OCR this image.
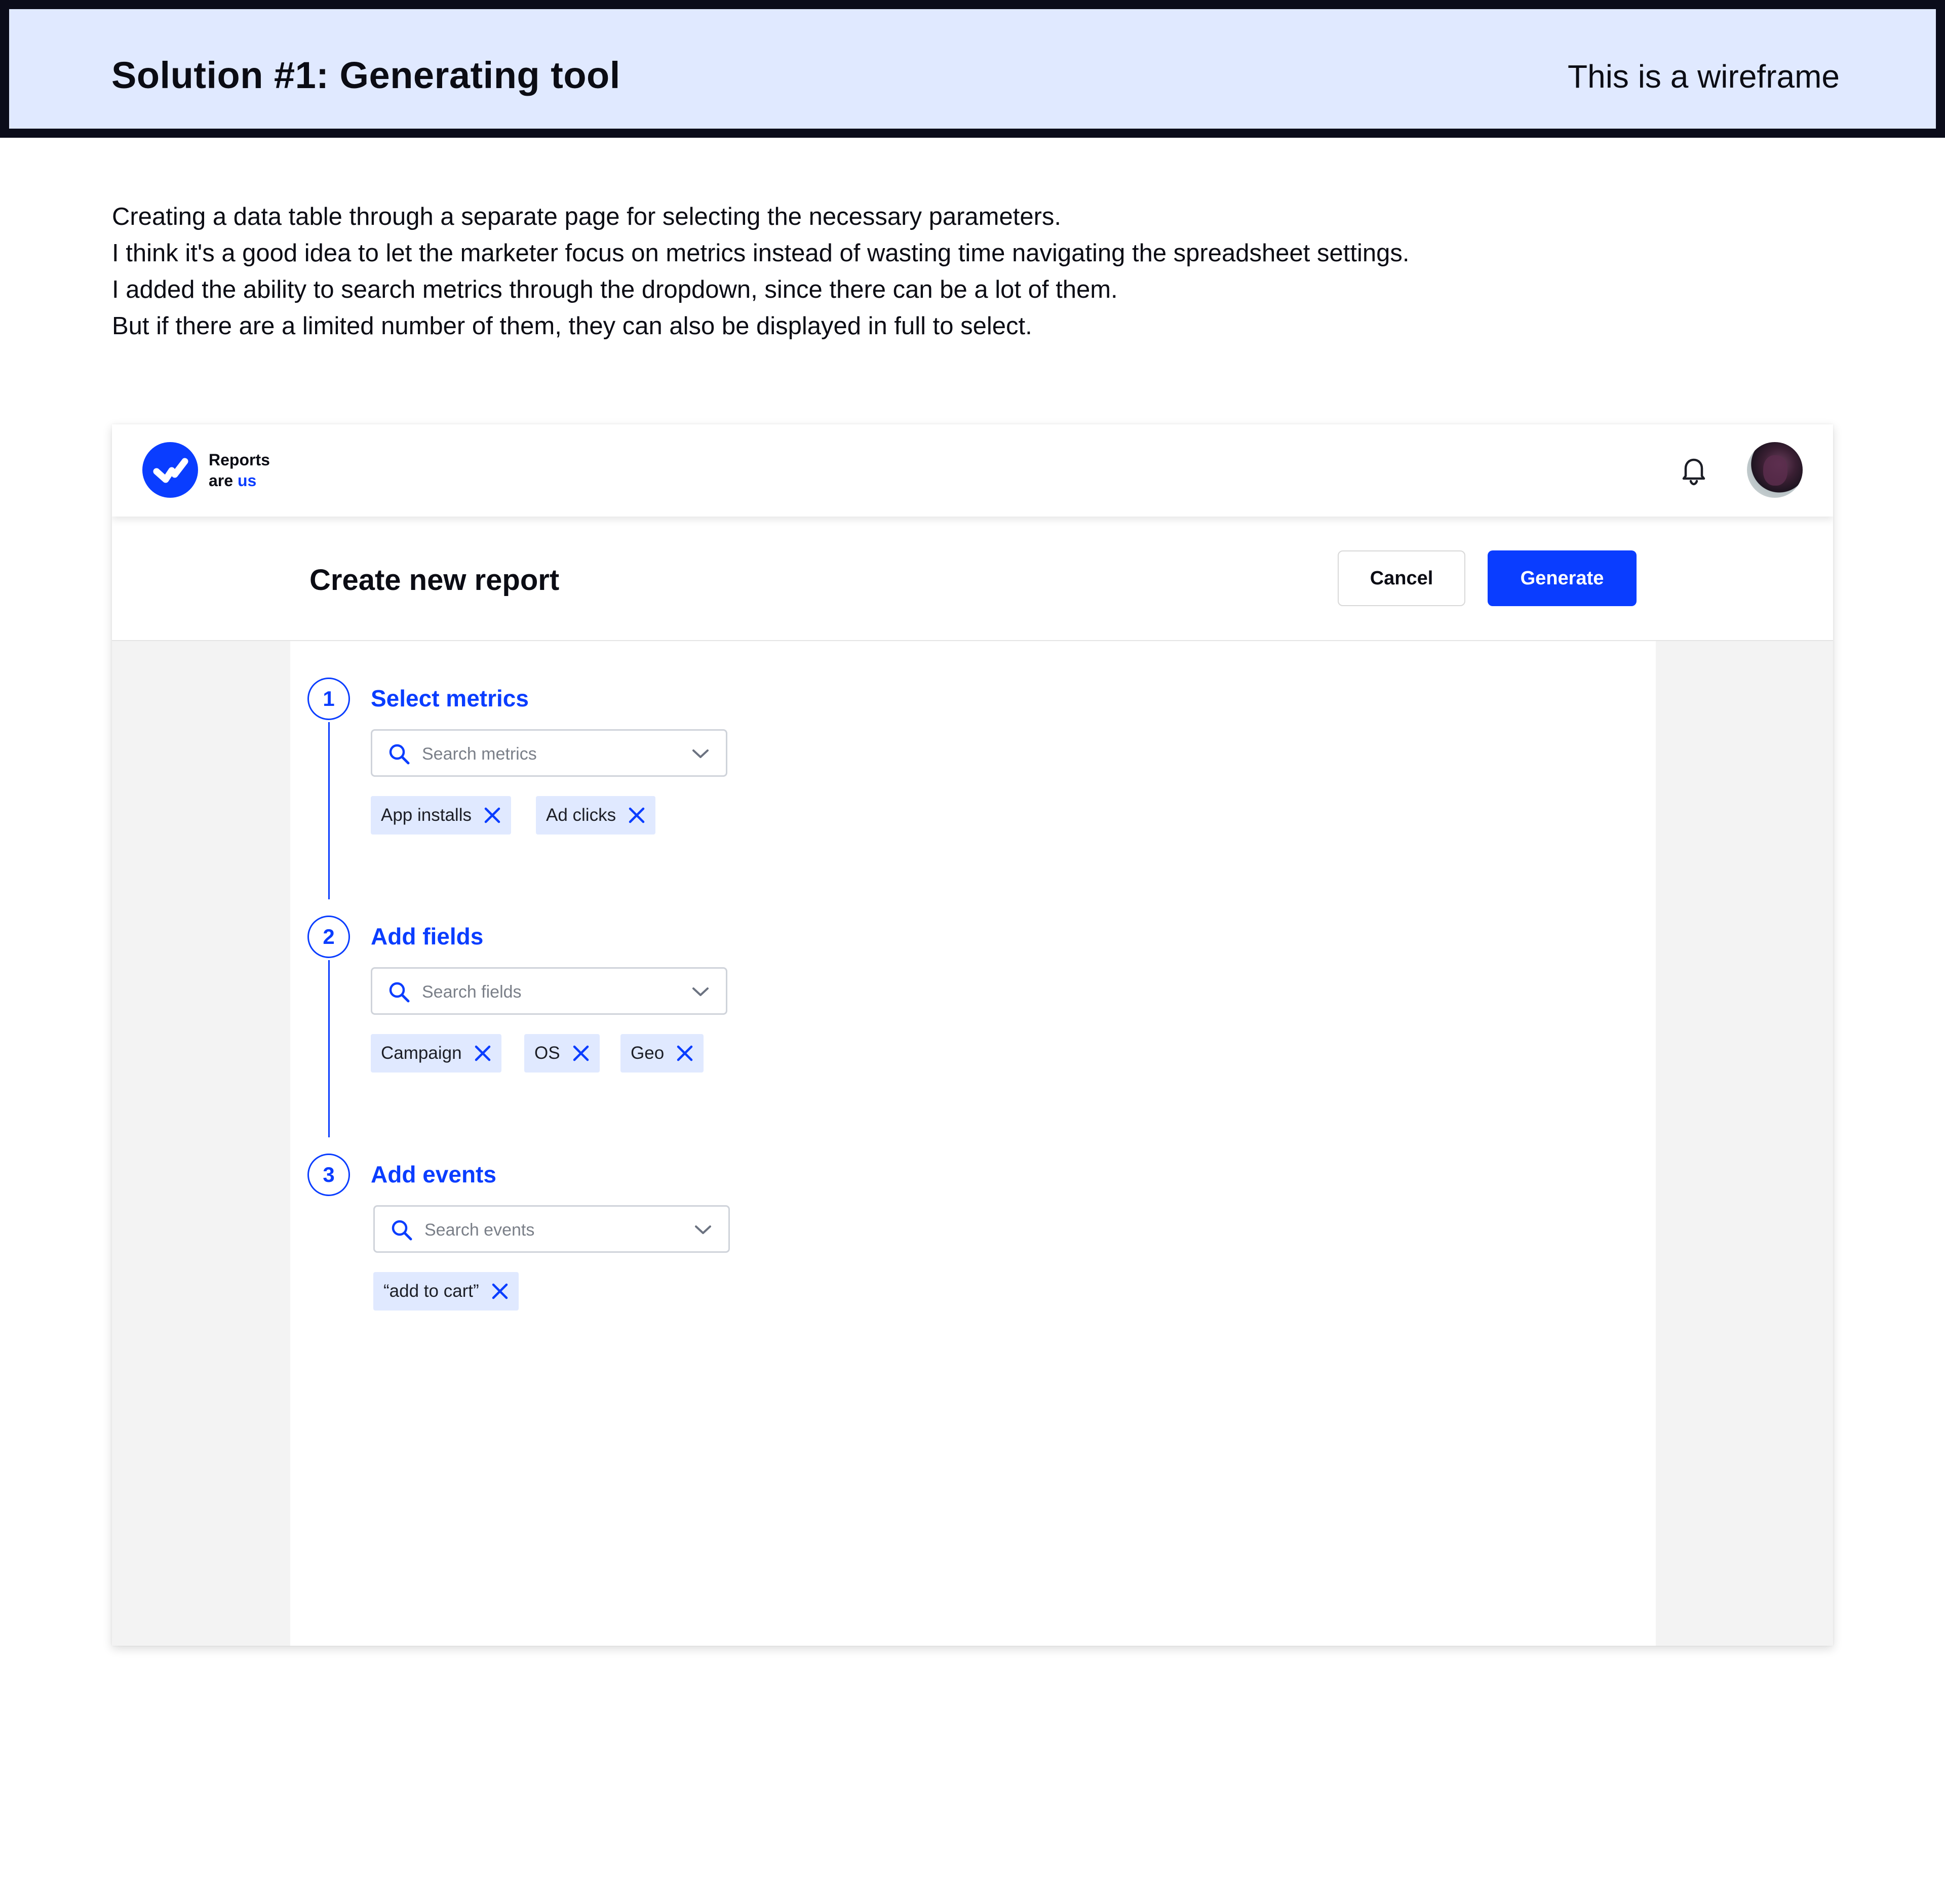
Solution #1: Generating tool	This is a wireframe
Creating a data table through a separate page for selecting the necessary parameters.
I think it's a good idea to let the marketer focus on metrics instead of wasting time navigating the spreadsheet settings.
I added the ability to search metrics through the dropdown, since there can be a lot of them.
But if there are a limited number of them, they can also be displayed in full to select.
Reports
are us
Create new report	Cancel	Generate
1	Select metrics
Search metrics
App installs	Ad clicks
2	Add fields
Search fields
Campaign	OS	Geo
3	Add events
Search events
“add to cart”
